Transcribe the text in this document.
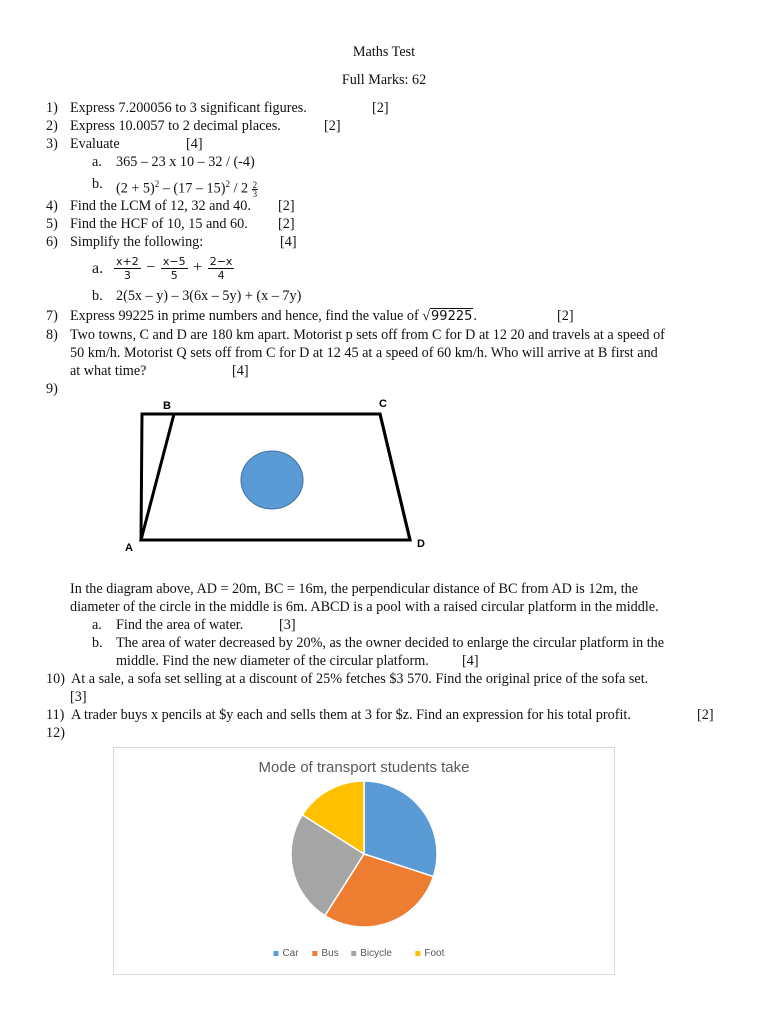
Maths Test
Full Marks: 62
1) Express 7.200056 to 3 significant figures.	[2]
2) Express 10.0057 to 2 decimal places.	[2]
3) Evaluate	[4]
a. 365 – 23 x 10 – 32 / (-4)
b. $(2 + 5)^2 - (17 - 15)^2 / 2 \frac{2}{3}$
4) Find the LCM of 12, 32 and 40. [2]
5) Find the HCF of 10, 15 and 60. [2]
6) Simplify the following:	[4]
a. $\frac{x+2}{3} - \frac{x-5}{5} + \frac{2-x}{4}$
b. 2(5x – y) – 3(6x – 5y) + (x – 7y)
7) Express 99225 in prime numbers and hence, find the value of √99225.	[2]
8) Two towns, C and D are 180 km apart. Motorist p sets off from C for D at 12 20 and travels at a speed of
50 km/h. Motorist Q sets off from C for D at 12 45 at a speed of 60 km/h. Who will arrive at B first and
at what time?	[4]
9)
B	C
A	D
In the diagram above, AD = 20m, BC = 16m, the perpendicular distance of BC from AD is 12m, the
diameter of the circle in the middle is 6m. ABCD is a pool with a raised circular platform in the middle.
a. Find the area of water.	[3]
b. The area of water decreased by 20%, as the owner decided to enlarge the circular platform in the
middle. Find the new diameter of the circular platform. [4]
10) At a sale, a sofa set selling at a discount of 25% fetches $3 570. Find the original price of the sofa set.
[3]
11) A trader buys x pencils at $y each and sells them at 3 for $z. Find an expression for his total profit.	[2]
12)
Mode of transport students take
Car Bus Bicycle	Foot
